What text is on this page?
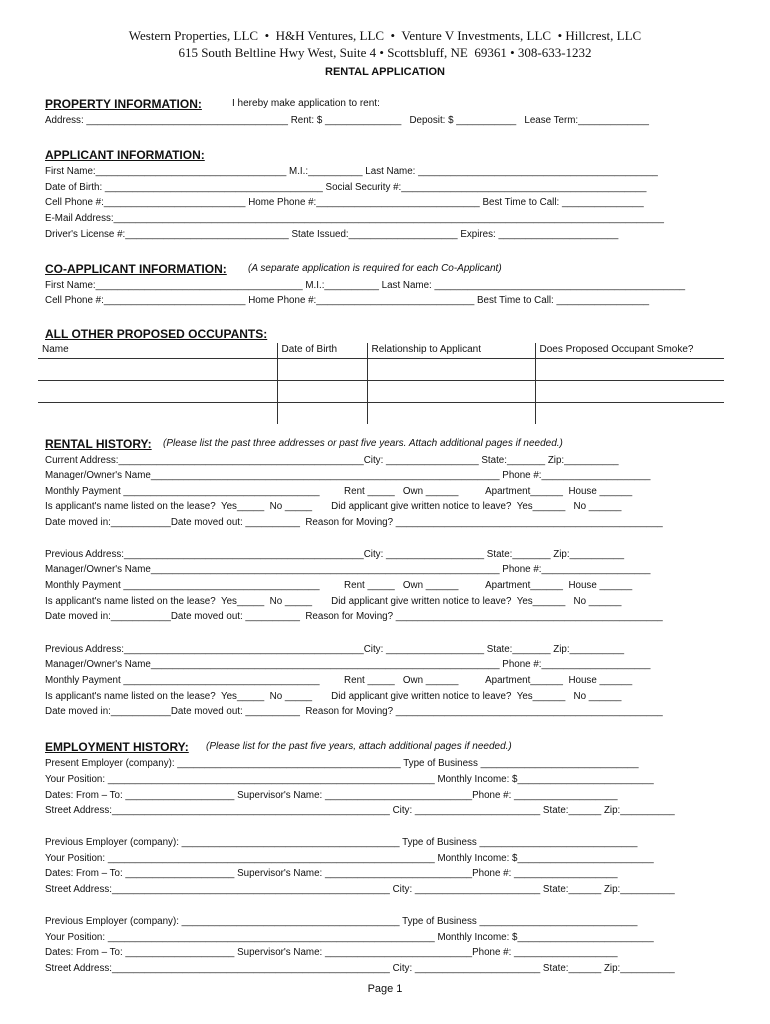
Western Properties, LLC  •  H&H Ventures, LLC  •  Venture V Investments, LLC  • Hillcrest, LLC
615 South Beltline Hwy West, Suite 4 • Scottsbluff, NE  69361 • 308-633-1232
RENTAL APPLICATION
PROPERTY INFORMATION:	I hereby make application to rent:
Address: _____________________________________ Rent: $ ______________   Deposit: $ ___________   Lease Term:_____________
APPLICANT INFORMATION:
First Name:___________________________________ M.I.:__________ Last Name: ____________________________________________
Date of Birth: ________________________________________ Social Security #:_____________________________________________
Cell Phone #:__________________________ Home Phone #:______________________________ Best Time to Call: _______________
E-Mail Address:_____________________________________________________________________________________________________
Driver's License #:______________________________ State Issued:____________________ Expires: ______________________
CO-APPLICANT INFORMATION: (A separate application is required for each Co-Applicant)
First Name:______________________________________ M.I.:__________ Last Name: ______________________________________________
Cell Phone #:__________________________ Home Phone #:_____________________________ Best Time to Call: _________________
ALL OTHER PROPOSED OCCUPANTS:
Name	Date of Birth	Relationship to Applicant	Does Proposed Occupant Smoke?

RENTAL HISTORY: (Please list the past three addresses or past five years. Attach additional pages if needed.)
Current Address:_____________________________________________City: _________________ State:_______ Zip:__________
Manager/Owner's Name________________________________________________________________ Phone #:____________________
Monthly Payment ____________________________________         Rent _____   Own ______          Apartment______  House ______
Is applicant's name listed on the lease?  Yes_____  No _____       Did applicant give written notice to leave?  Yes______   No ______
Date moved in:___________Date moved out: __________  Reason for Moving? _________________________________________________
Previous Address:____________________________________________City: __________________ State:_______ Zip:__________
Manager/Owner's Name________________________________________________________________ Phone #:____________________
Monthly Payment ____________________________________         Rent _____   Own ______          Apartment______  House ______
Is applicant's name listed on the lease?  Yes_____  No _____       Did applicant give written notice to leave?  Yes______   No ______
Date moved in:___________Date moved out: __________  Reason for Moving? _________________________________________________
Previous Address:____________________________________________City: __________________ State:_______ Zip:__________
Manager/Owner's Name________________________________________________________________ Phone #:____________________
Monthly Payment ____________________________________         Rent _____   Own ______          Apartment______  House ______
Is applicant's name listed on the lease?  Yes_____  No _____       Did applicant give written notice to leave?  Yes______   No ______
Date moved in:___________Date moved out: __________  Reason for Moving? _________________________________________________
EMPLOYMENT HISTORY: (Please list for the past five years, attach additional pages if needed.)
Present Employer (company): _________________________________________ Type of Business _____________________________
Your Position: ____________________________________________________________ Monthly Income: $_________________________
Dates: From – To: ____________________ Supervisor's Name: ___________________________Phone #: ___________________
Street Address:___________________________________________________ City: _______________________ State:______ Zip:__________
Previous Employer (company): ________________________________________ Type of Business _____________________________
Your Position: ____________________________________________________________ Monthly Income: $_________________________
Dates: From – To: ____________________ Supervisor's Name: ___________________________Phone #: ___________________
Street Address:___________________________________________________ City: _______________________ State:______ Zip:__________
Previous Employer (company): ________________________________________ Type of Business _____________________________
Your Position: ____________________________________________________________ Monthly Income: $_________________________
Dates: From – To: ____________________ Supervisor's Name: ___________________________Phone #: ___________________
Street Address:___________________________________________________ City: _______________________ State:______ Zip:__________
Page 1
